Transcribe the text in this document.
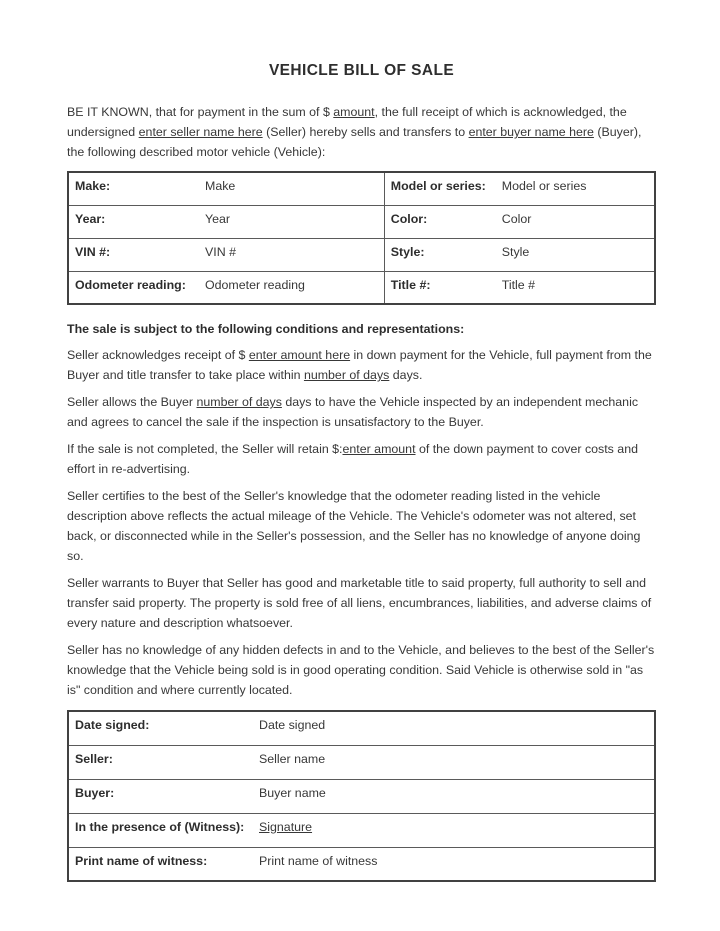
VEHICLE BILL OF SALE

BE IT KNOWN, that for payment in the sum of $ amount, the full receipt of which is acknowledged, the undersigned enter seller name here (Seller) hereby sells and transfers to enter buyer name here (Buyer), the following described motor vehicle (Vehicle):

Make: Make	Model or series: Model or series
Year: Year	Color: Color
VIN #: VIN #	Style: Style
Odometer reading: Odometer reading	Title #: Title #
The sale is subject to the following conditions and representations:

Seller acknowledges receipt of $ enter amount here in down payment for the Vehicle, full payment from the Buyer and title transfer to take place within number of days days.

Seller allows the Buyer number of days days to have the Vehicle inspected by an independent mechanic and agrees to cancel the sale if the inspection is unsatisfactory to the Buyer.

If the sale is not completed, the Seller will retain $:enter amount of the down payment to cover costs and effort in re-advertising.

Seller certifies to the best of the Seller's knowledge that the odometer reading listed in the vehicle description above reflects the actual mileage of the Vehicle. The Vehicle's odometer was not altered, set back, or disconnected while in the Seller's possession, and the Seller has no knowledge of anyone doing so.

Seller warrants to Buyer that Seller has good and marketable title to said property, full authority to sell and transfer said property. The property is sold free of all liens, encumbrances, liabilities, and adverse claims of every nature and description whatsoever.

Seller has no knowledge of any hidden defects in and to the Vehicle, and believes to the best of the Seller's knowledge that the Vehicle being sold is in good operating condition. Said Vehicle is otherwise sold in "as is" condition and where currently located.

Date signed:	Date signed
Seller:	Seller name
Buyer:	Buyer name
In the presence of (Witness): Signature
Print name of witness:	Print name of witness
